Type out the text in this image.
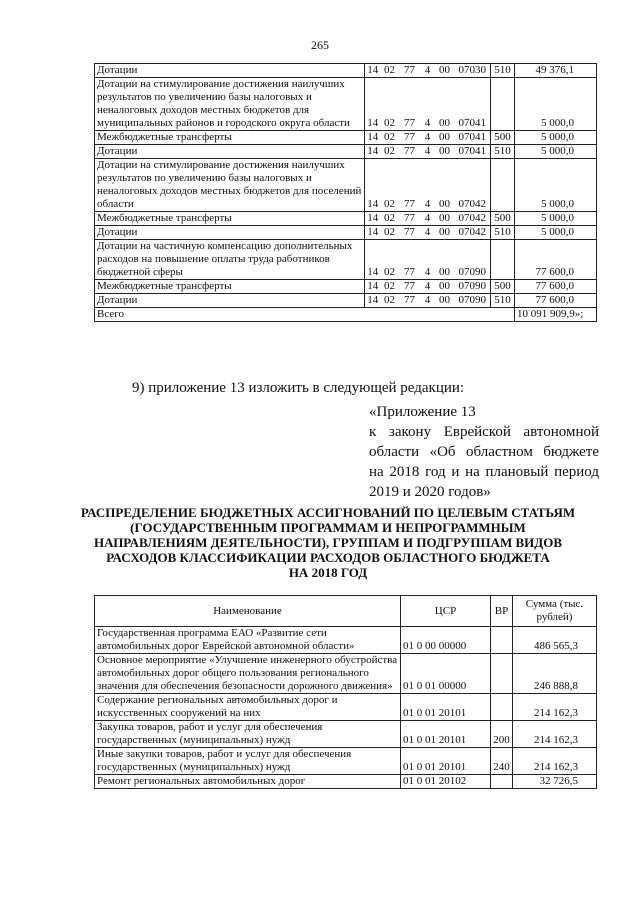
265
Дотации	14	02	77	4	00	07030	510	49 376,1
Дотации на стимулирование достижения наилучших результатов по увеличению базы налоговых и неналоговых доходов местных бюджетов для муниципальных районов и городского округа области	14	02	77	4	00	07041		5 000,0
Межбюджетные трансферты	14	02	77	4	00	07041	500	5 000,0
Дотации	14	02	77	4	00	07041	510	5 000,0
Дотации на стимулирование достижения наилучших результатов по увеличению базы налоговых и неналоговых доходов местных бюджетов для поселений области	14	02	77	4	00	07042		5 000,0
Межбюджетные трансферты	14	02	77	4	00	07042	500	5 000,0
Дотации	14	02	77	4	00	07042	510	5 000,0
Дотации на частичную компенсацию дополнительных расходов на повышение оплаты труда работников бюджетной сферы	14	02	77	4	00	07090		77 600,0
Межбюджетные трансферты	14	02	77	4	00	07090	500	77 600,0
Дотации	14	02	77	4	00	07090	510	77 600,0
Всего								10 091 909,9»;
9) приложение 13 изложить в следующей редакции:
«Приложение 13
к закону Еврейской автономной
области «Об областном бюджете
на 2018 год и на плановый период
2019 и 2020 годов»
РАСПРЕДЕЛЕНИЕ БЮДЖЕТНЫХ АССИГНОВАНИЙ ПО ЦЕЛЕВЫМ СТАТЬЯМ
(ГОСУДАРСТВЕННЫМ ПРОГРАММАМ И НЕПРОГРАММНЫМ
НАПРАВЛЕНИЯМ ДЕЯТЕЛЬНОСТИ), ГРУППАМ И ПОДГРУППАМ ВИДОВ
РАСХОДОВ КЛАССИФИКАЦИИ РАСХОДОВ ОБЛАСТНОГО БЮДЖЕТА
НА 2018 ГОД
Наименование	ЦСР	ВР	Сумма (тыс. рублей)
Государственная программа ЕАО «Развитие сети автомобильных дорог Еврейской автономной области»	01 0 00 00000		486 565,3
Основное мероприятие «Улучшение инженерного обустройства автомобильных дорог общего пользования регионального значения для обеспечения безопасности дорожного движения»	01 0 01 00000		246 888,8
Содержание региональных автомобильных дорог и искусственных сооружений на них	01 0 01 20101		214 162,3
Закупка товаров, работ и услуг для обеспечения государственных (муниципальных) нужд	01 0 01 20101	200	214 162,3
Иные закупки товаров, работ и услуг для обеспечения государственных (муниципальных) нужд	01 0 01 20101	240	214 162,3
Ремонт региональных автомобильных дорог	01 0 01 20102		32 726,5
